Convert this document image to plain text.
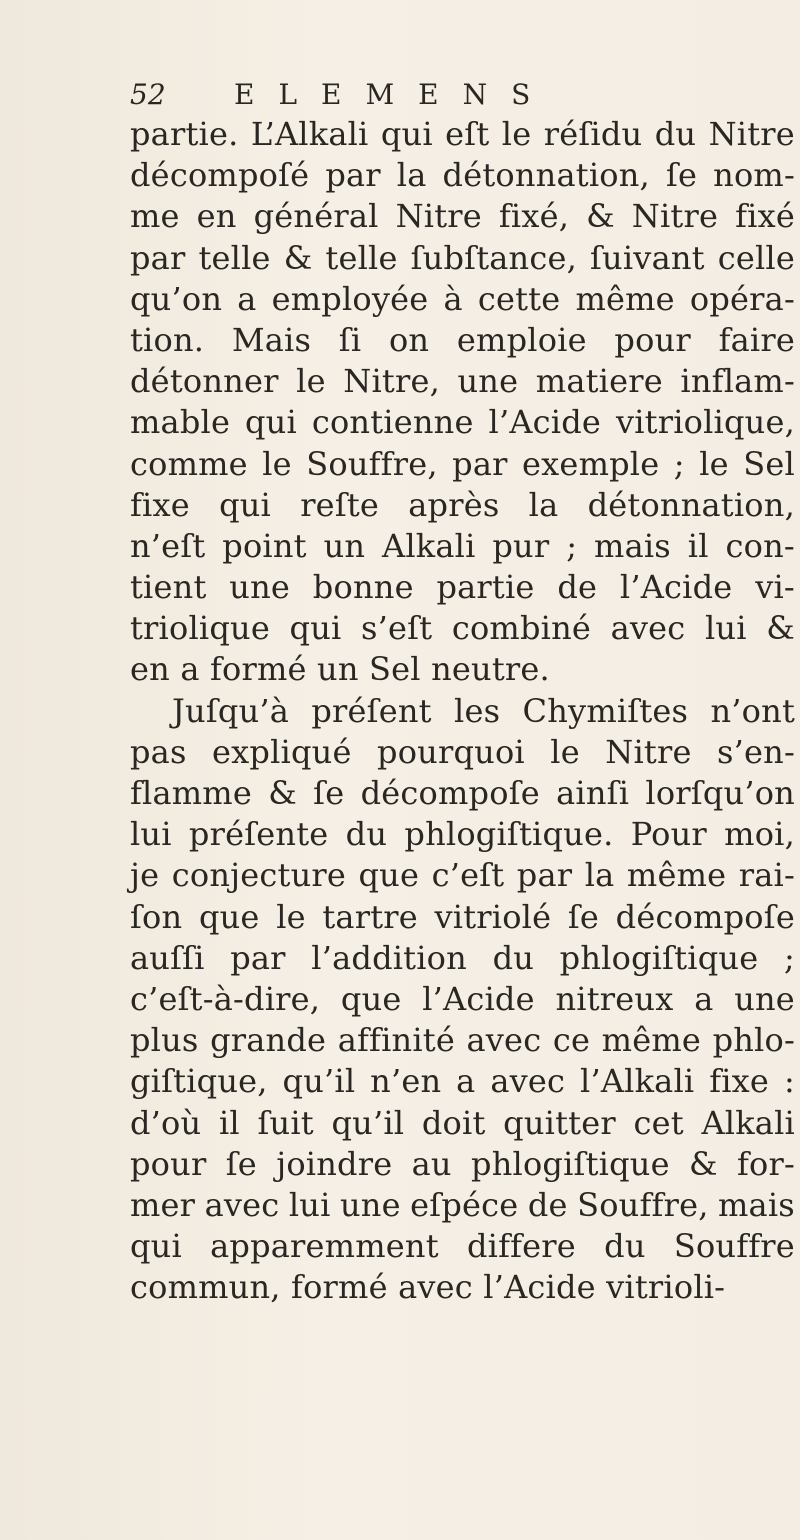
52 ELEMENS
partie. L’Alkali qui eſt le réſidu du Nitre
décompoſé par la détonnation, ſe nom-
me en général Nitre fixé, & Nitre fixé
par telle & telle ſubſtance, ſuivant celle
qu’on a employée à cette même opéra-
tion. Mais ſi on emploie pour faire
détonner le Nitre, une matiere inflam-
mable qui contienne l’Acide vitriolique,
comme le Souffre, par exemple ; le Sel
fixe qui reſte après la détonnation,
n’eſt point un Alkali pur ; mais il con-
tient une bonne partie de l’Acide vi-
triolique qui s’eſt combiné avec lui &
en a formé un Sel neutre.
Juſqu’à préſent les Chymiſtes n’ont
pas expliqué pourquoi le Nitre s’en-
flamme & ſe décompoſe ainſi lorſqu’on
lui préſente du phlogiſtique. Pour moi,
je conjecture que c’eſt par la même rai-
ſon que le tartre vitriolé ſe décompoſe
auſſi par l’addition du phlogiſtique ;
c’eſt-à-dire, que l’Acide nitreux a une
plus grande affinité avec ce même phlo-
giſtique, qu’il n’en a avec l’Alkali fixe :
d’où il ſuit qu’il doit quitter cet Alkali
pour ſe joindre au phlogiſtique & for-
mer avec lui une eſpéce de Souffre, mais
qui apparemment differe du Souffre
commun, formé avec l’Acide vitrioli-
